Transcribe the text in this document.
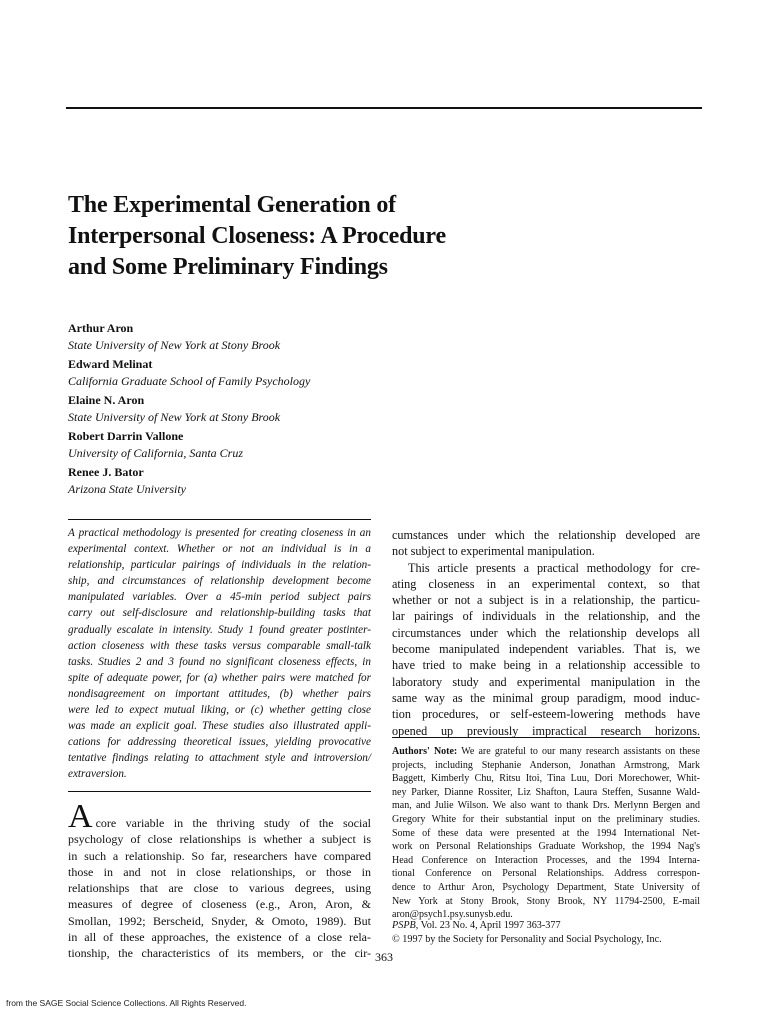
The Experimental Generation of
Interpersonal Closeness: A Procedure
and Some Preliminary Findings
Arthur Aron
State University of New York at Stony Brook
Edward Melinat
California Graduate School of Family Psychology
Elaine N. Aron
State University of New York at Stony Brook
Robert Darrin Vallone
University of California, Santa Cruz
Renee J. Bator
Arizona State University
A practical methodology is presented for creating closeness in an
experimental context. Whether or not an individual is in a
relationship, particular pairings of individuals in the relation-
ship, and circumstances of relationship development become
manipulated variables. Over a 45-min period subject pairs
carry out self-disclosure and relationship-building tasks that
gradually escalate in intensity. Study 1 found greater postinter-
action closeness with these tasks versus comparable small-talk
tasks. Studies 2 and 3 found no significant closeness effects, in
spite of adequate power, for (a) whether pairs were matched for
nondisagreement on important attitudes, (b) whether pairs
were led to expect mutual liking, or (c) whether getting close
was made an explicit goal. These studies also illustrated appli-
cations for addressing theoretical issues, yielding provocative
tentative findings relating to attachment style and introversion/
extraversion.
A core variable in the thriving study of the social
psychology of close relationships is whether a subject is
in such a relationship. So far, researchers have compared
those in and not in close relationships, or those in
relationships that are close to various degrees, using
measures of degree of closeness (e.g., Aron, Aron, &
Smollan, 1992; Berscheid, Snyder, & Omoto, 1989). But
in all of these approaches, the existence of a close rela-
tionship, the characteristics of its members, or the cir-
cumstances under which the relationship developed are
not subject to experimental manipulation.
This article presents a practical methodology for cre-
ating closeness in an experimental context, so that
whether or not a subject is in a relationship, the particu-
lar pairings of individuals in the relationship, and the
circumstances under which the relationship develops all
become manipulated independent variables. That is, we
have tried to make being in a relationship accessible to
laboratory study and experimental manipulation in the
same way as the minimal group paradigm, mood induc-
tion procedures, or self-esteem-lowering methods have
opened up previously impractical research horizons.
Authors' Note: We are grateful to our many research assistants on these
projects, including Stephanie Anderson, Jonathan Armstrong, Mark
Baggett, Kimberly Chu, Ritsu Itoi, Tina Luu, Dori Morechower, Whit-
ney Parker, Dianne Rossiter, Liz Shafton, Laura Steffen, Susanne Wald-
man, and Julie Wilson. We also want to thank Drs. Merlynn Bergen and
Gregory White for their substantial input on the preliminary studies.
Some of these data were presented at the 1994 International Net-
work on Personal Relationships Graduate Workshop, the 1994 Nag's
Head Conference on Interaction Processes, and the 1994 Interna-
tional Conference on Personal Relationships. Address correspon-
dence to Arthur Aron, Psychology Department, State University of
New York at Stony Brook, Stony Brook, NY 11794-2500, E-mail
aron@psych1.psy.sunysb.edu.
PSPB, Vol. 23 No. 4, April 1997 363-377
© 1997 by the Society for Personality and Social Psychology, Inc.
363
from the SAGE Social Science Collections. All Rights Reserved.
